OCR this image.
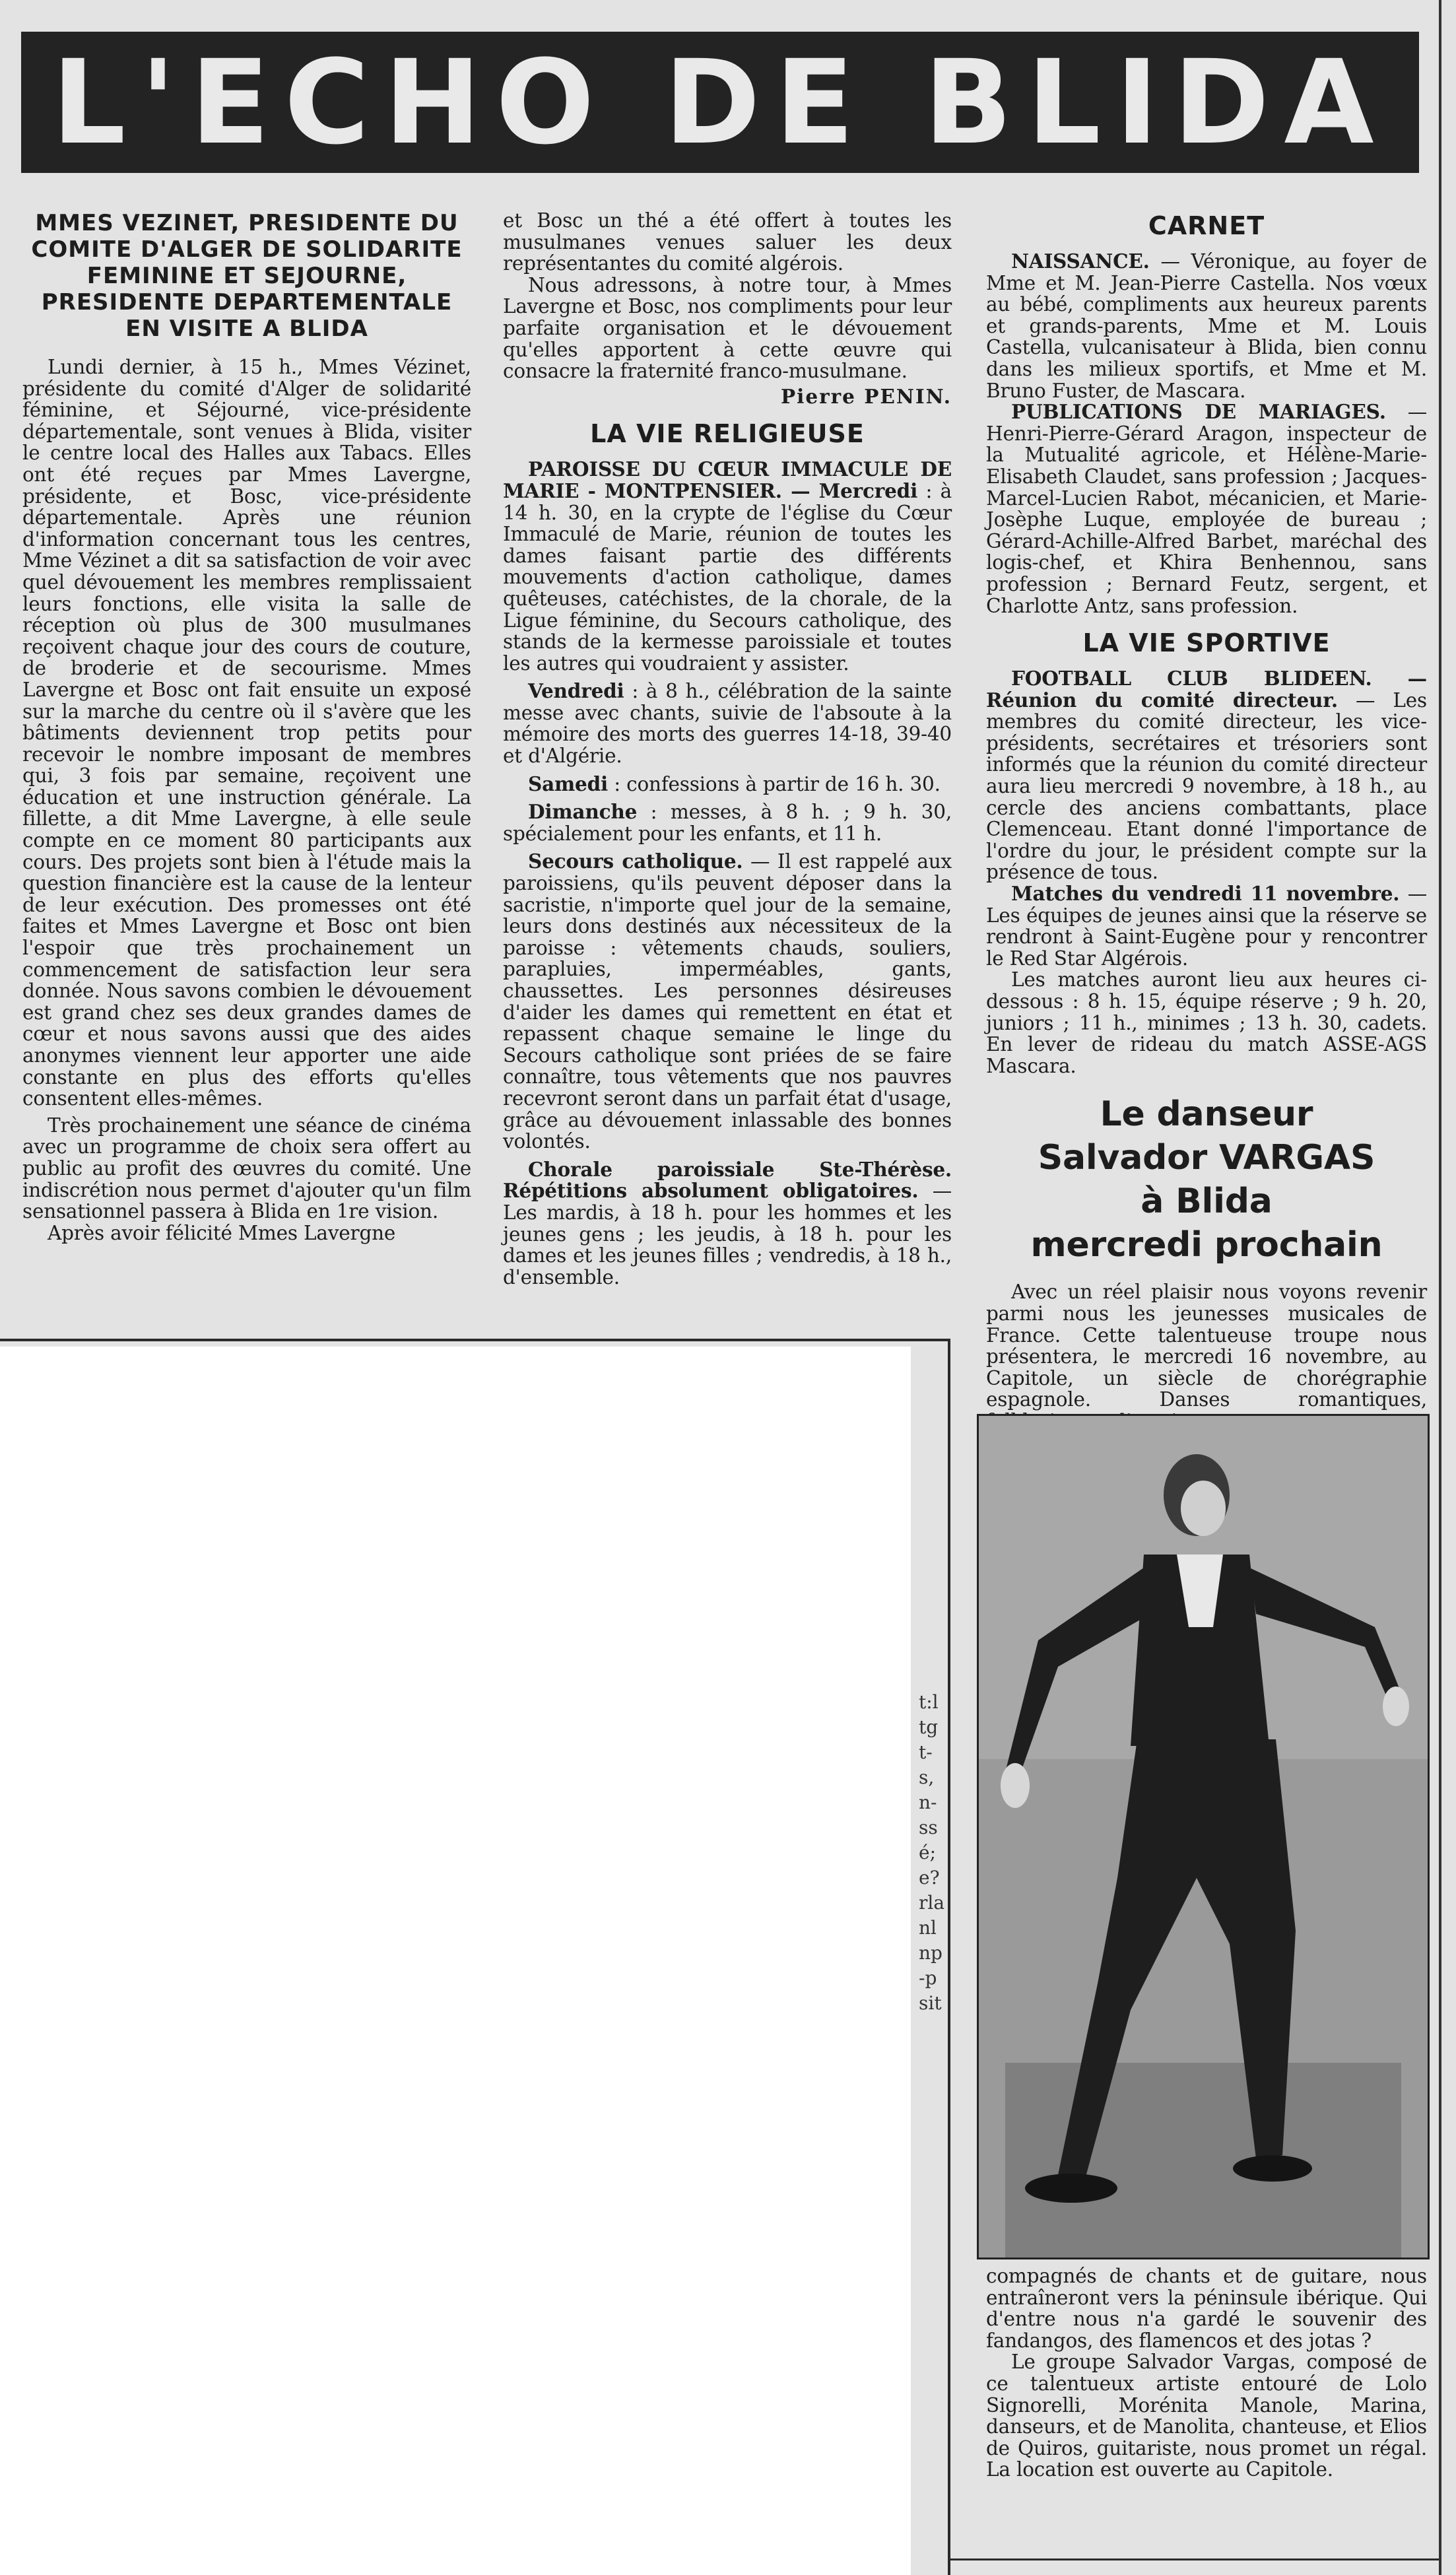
L'ECHO DE BLIDA
MMES VEZINET, PRESIDENTE DU COMITE D'ALGER DE SOLIDARITE FEMININE ET SEJOURNE, PRESIDENTE DEPARTEMENTALE EN VISITE A BLIDA

Lundi dernier, à 15 h., Mmes Vézinet, présidente du comité d'Alger de solidarité féminine, et Séjourné, vice-présidente départementale, sont venues à Blida, visiter le centre local des Halles aux Tabacs. Elles ont été reçues par Mmes Lavergne, présidente, et Bosc, vice-présidente départementale. Après une réunion d'information concernant tous les centres, Mme Vézinet a dit sa satisfaction de voir avec quel dévouement les membres remplissaient leurs fonctions, elle visita la salle de réception où plus de 300 musulmanes reçoivent chaque jour des cours de couture, de broderie et de secourisme. Mmes Lavergne et Bosc ont fait ensuite un exposé sur la marche du centre où il s'avère que les bâtiments deviennent trop petits pour recevoir le nombre imposant de membres qui, 3 fois par semaine, reçoivent une éducation et une instruction générale. La fillette, a dit Mme Lavergne, à elle seule compte en ce moment 80 participants aux cours. Des projets sont bien à l'étude mais la question financière est la cause de la lenteur de leur exécution. Des promesses ont été faites et Mmes Lavergne et Bosc ont bien l'espoir que très prochainement un commencement de satisfaction leur sera donnée. Nous savons combien le dévouement est grand chez ses deux grandes dames de cœur et nous savons aussi que des aides anonymes viennent leur apporter une aide constante en plus des efforts qu'elles consentent elles-mêmes.

Très prochainement une séance de cinéma avec un programme de choix sera offert au public au profit des œuvres du comité. Une indiscrétion nous permet d'ajouter qu'un film sensationnel passera à Blida en 1re vision.

Après avoir félicité Mmes Lavergne

et Bosc un thé a été offert à toutes les musulmanes venues saluer les deux représentantes du comité algérois.

Nous adressons, à notre tour, à Mmes Lavergne et Bosc, nos compliments pour leur parfaite organisation et le dévouement qu'elles apportent à cette œuvre qui consacre la fraternité franco-musulmane.

Pierre PENIN.
LA VIE RELIGIEUSE

PAROISSE DU CŒUR IMMACULE DE MARIE - MONTPENSIER. — Mercredi : à 14 h. 30, en la crypte de l'église du Cœur Immaculé de Marie, réunion de toutes les dames faisant partie des différents mouvements d'action catholique, dames quêteuses, catéchistes, de la chorale, de la Ligue féminine, du Secours catholique, des stands de la kermesse paroissiale et toutes les autres qui voudraient y assister.

Vendredi : à 8 h., célébration de la sainte messe avec chants, suivie de l'absoute à la mémoire des morts des guerres 14-18, 39-40 et d'Algérie.

Samedi : confessions à partir de 16 h. 30.

Dimanche : messes, à 8 h. ; 9 h. 30, spécialement pour les enfants, et 11 h.

Secours catholique. — Il est rappelé aux paroissiens, qu'ils peuvent déposer dans la sacristie, n'importe quel jour de la semaine, leurs dons destinés aux nécessiteux de la paroisse : vêtements chauds, souliers, parapluies, imperméables, gants, chaussettes. Les personnes désireuses d'aider les dames qui remettent en état et repassent chaque semaine le linge du Secours catholique sont priées de se faire connaître, tous vêtements que nos pauvres recevront seront dans un parfait état d'usage, grâce au dévouement inlassable des bonnes volontés.

Chorale paroissiale Ste-Thérèse. Répétitions absolument obligatoires. — Les mardis, à 18 h. pour les hommes et les jeunes gens ; les jeudis, à 18 h. pour les dames et les jeunes filles ; vendredis, à 18 h., d'ensemble.

CARNET

NAISSANCE. — Véronique, au foyer de Mme et M. Jean-Pierre Castella. Nos vœux au bébé, compliments aux heureux parents et grands-parents, Mme et M. Louis Castella, vulcanisateur à Blida, bien connu dans les milieux sportifs, et Mme et M. Bruno Fuster, de Mascara.

PUBLICATIONS DE MARIAGES. — Henri-Pierre-Gérard Aragon, inspecteur de la Mutualité agricole, et Hélène-Marie-Elisabeth Claudet, sans profession ; Jacques-Marcel-Lucien Rabot, mécanicien, et Marie-Josèphe Luque, employée de bureau ; Gérard-Achille-Alfred Barbet, maréchal des logis-chef, et Khira Benhennou, sans profession ; Bernard Feutz, sergent, et Charlotte Antz, sans profession.

LA VIE SPORTIVE

FOOTBALL CLUB BLIDEEN. — Réunion du comité directeur. — Les membres du comité directeur, les vice-présidents, secrétaires et trésoriers sont informés que la réunion du comité directeur aura lieu mercredi 9 novembre, à 18 h., au cercle des anciens combattants, place Clemenceau. Etant donné l'importance de l'ordre du jour, le président compte sur la présence de tous.

Matches du vendredi 11 novembre. — Les équipes de jeunes ainsi que la réserve se rendront à Saint-Eugène pour y rencontrer le Red Star Algérois.

Les matches auront lieu aux heures ci-dessous : 8 h. 15, équipe réserve ; 9 h. 20, juniors ; 11 h., minimes ; 13 h. 30, cadets. En lever de rideau du match ASSE-AGS Mascara.

Le danseur
Salvador VARGAS
à Blida
mercredi prochain

Avec un réel plaisir nous voyons revenir parmi nous les jeunesses musicales de France. Cette talentueuse troupe nous présentera, le mercredi 16 novembre, au Capitole, un siècle de chorégraphie espagnole. Danses romantiques,

compagnés de chants et de guitare, nous entraîneront vers la péninsule ibérique. Qui d'entre nous n'a gardé le souvenir des fandangos, des flamencos et des jotas ?

Le groupe Salvador Vargas, composé de ce talentueux artiste entouré de Lolo Signorelli, Morénita Manole, Marina, danseurs, et de Manolita, chanteuse, et Elios de Quiros, guitariste, nous promet un régal. La location est ouverte au Capitole.

t:ltgt-s,n-ssé;e?rlanlnp-psit
